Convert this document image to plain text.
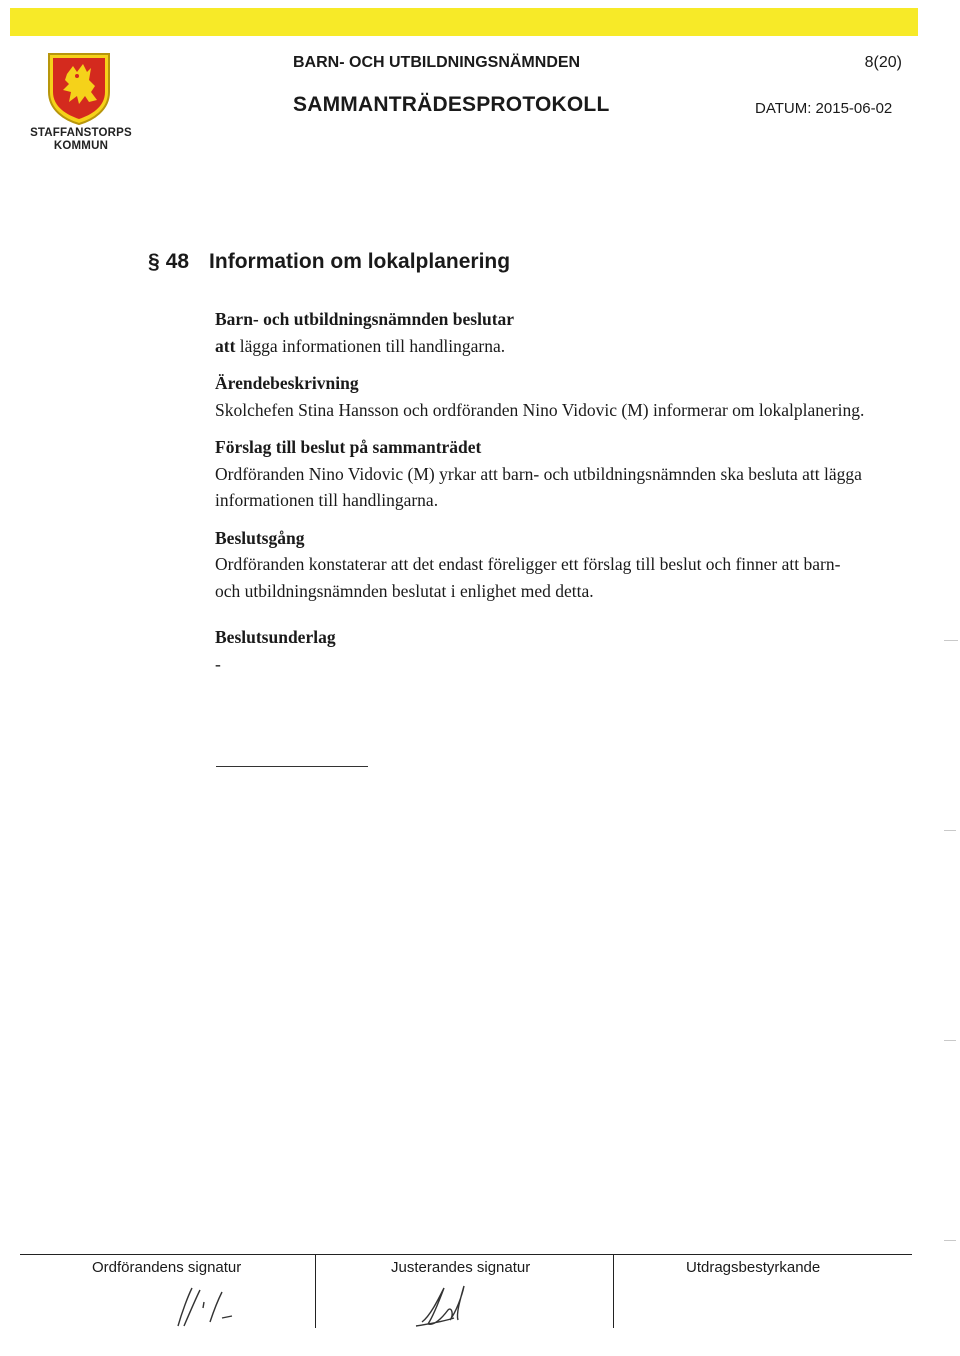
STAFFANSTORPS
KOMMUN
BARN- OCH UTBILDNINGSNÄMNDEN	8(20)
SAMMANTRÄDESPROTOKOLL	DATUM: 2015-06-02
§ 48 Information om lokalplanering
Barn- och utbildningsnämnden beslutar

att lägga informationen till handlingarna.

Ärendebeskrivning

Skolchefen Stina Hansson och ordföranden Nino Vidovic (M) informerar om lokalplanering.

Förslag till beslut på sammanträdet

Ordföranden Nino Vidovic (M) yrkar att barn- och utbildningsnämnden ska besluta att lägga informationen till handlingarna.

Beslutsgång

Ordföranden konstaterar att det endast föreligger ett förslag till beslut och finner att barn- och utbildningsnämnden beslutat i enlighet med detta.

Beslutsunderlag

-

Ordförandens signatur	Justerandes signatur	Utdragsbestyrkande
